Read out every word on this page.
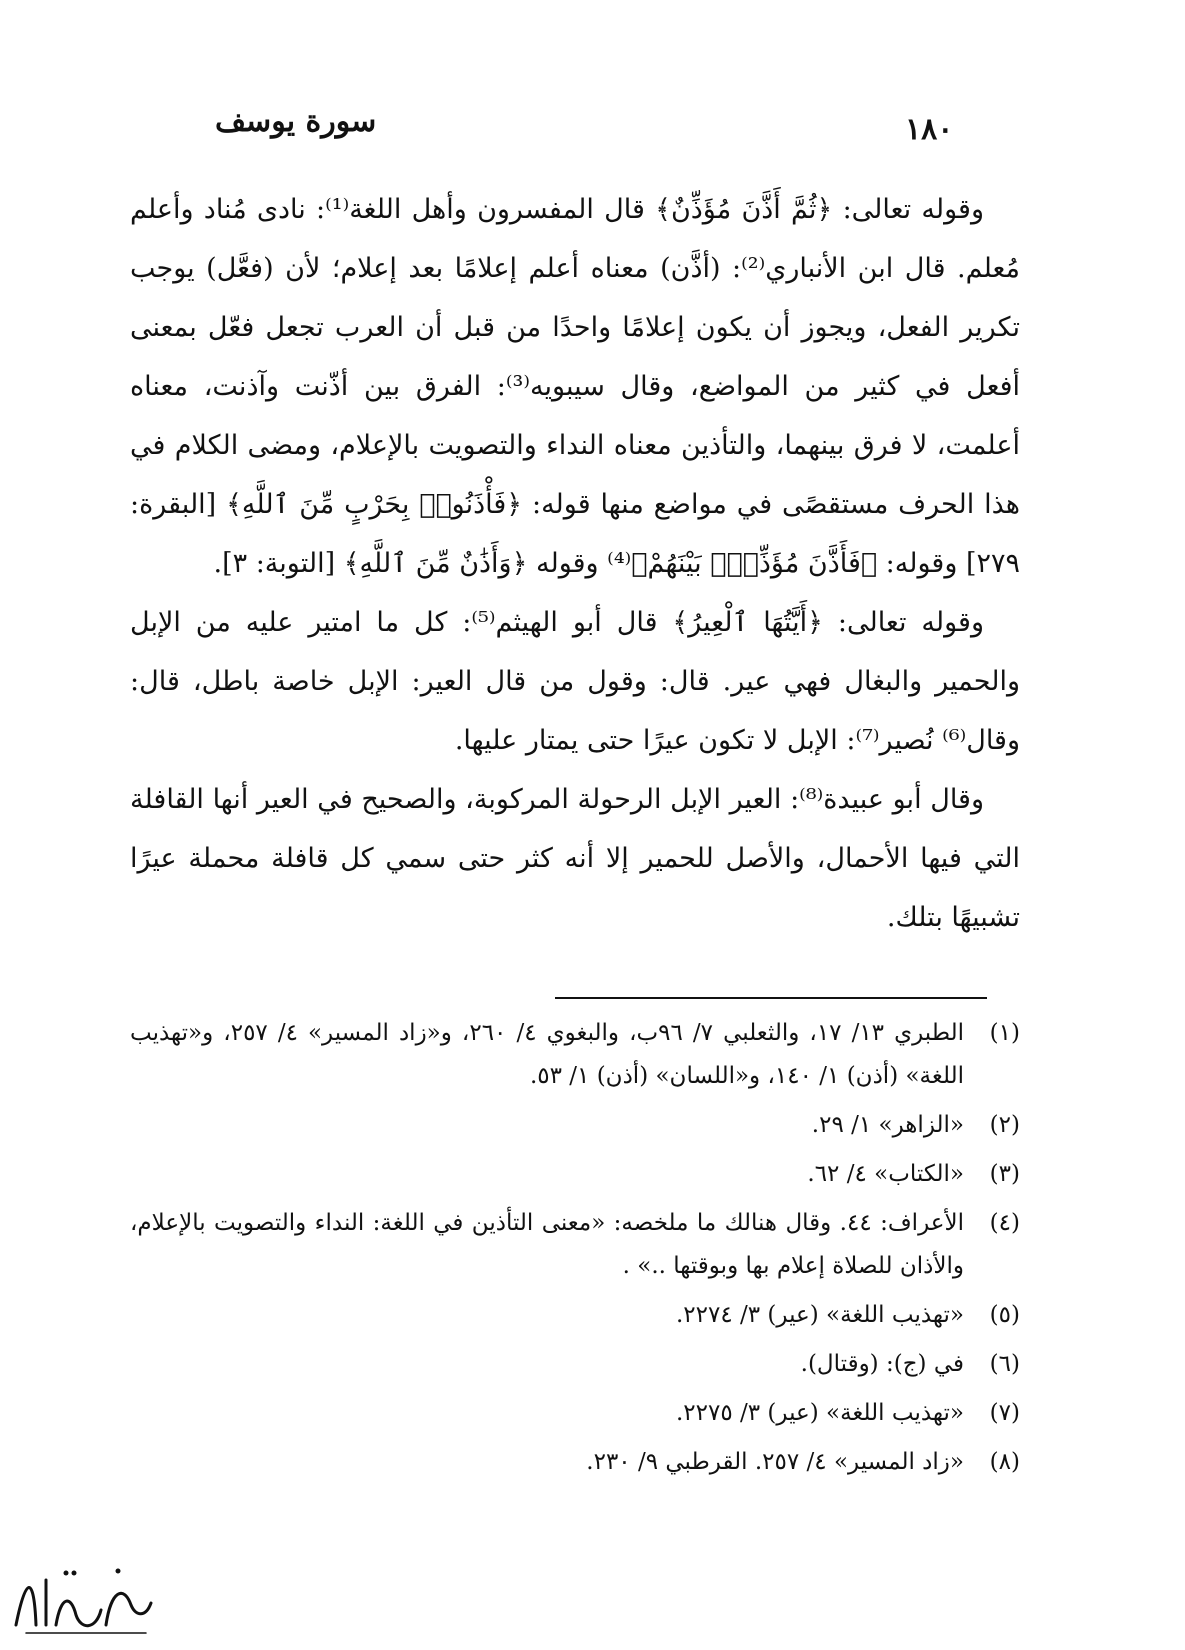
سورة يوسف	١٨٠

وقوله تعالى: ﴿ثُمَّ أَذَّنَ مُؤَذِّنٌ﴾ قال المفسرون وأهل اللغة⁽¹⁾: نادى مُناد وأعلم مُعلم. قال ابن الأنباري⁽²⁾: (أذَّن) معناه أعلم إعلامًا بعد إعلام؛ لأن (فعَّل) يوجب تكرير الفعل، ويجوز أن يكون إعلامًا واحدًا من قبل أن العرب تجعل فعّل بمعنى أفعل في كثير من المواضع، وقال سيبويه⁽³⁾: الفرق بين أذّنت وآذنت، معناه أعلمت، لا فرق بينهما، والتأذين معناه النداء والتصويت بالإعلام، ومضى الكلام في هذا الحرف مستقصًى في مواضع منها قوله: ﴿فَأْذَنُوا۟ بِحَرْبٍ مِّنَ ٱللَّهِ﴾ [البقرة: ٢٧٩] وقوله: ﴿فَأَذَّنَ مُؤَذِّنٌۢ بَيْنَهُمْ﴾⁽⁴⁾ وقوله ﴿وَأَذَٰنٌ مِّنَ ٱللَّهِ﴾ [التوبة: ٣].

وقوله تعالى: ﴿أَيَّتُهَا ٱلْعِيرُ﴾ قال أبو الهيثم⁽⁵⁾: كل ما امتير عليه من الإبل والحمير والبغال فهي عير. قال: وقول من قال العير: الإبل خاصة باطل، قال: وقال⁽⁶⁾ نُصير⁽⁷⁾: الإبل لا تكون عيرًا حتى يمتار عليها.

وقال أبو عبيدة⁽⁸⁾: العير الإبل الرحولة المركوبة، والصحيح في العير أنها القافلة التي فيها الأحمال، والأصل للحمير إلا أنه كثر حتى سمي كل قافلة محملة عيرًا تشبيهًا بتلك.

(١)
الطبري ١٣/ ١٧، والثعلبي ٧/ ٩٦ب، والبغوي ٤/ ٢٦٠، و«زاد المسير» ٤/ ٢٥٧، و«تهذيب اللغة» (أذن) ١/ ١٤٠، و«اللسان» (أذن) ١/ ٥٣.
(٢)
«الزاهر» ١/ ٢٩.
(٣)
«الكتاب» ٤/ ٦٢.
(٤)
الأعراف: ٤٤. وقال هنالك ما ملخصه: «معنى التأذين في اللغة: النداء والتصويت بالإعلام، والأذان للصلاة إعلام بها وبوقتها ..» .
(٥)
«تهذيب اللغة» (عير) ٣/ ٢٢٧٤.
(٦)
في (ج): (وقتال).
(٧)
«تهذيب اللغة» (عير) ٣/ ٢٢٧٥.
(٨)
«زاد المسير» ٤/ ٢٥٧. القرطبي ٩/ ٢٣٠.
